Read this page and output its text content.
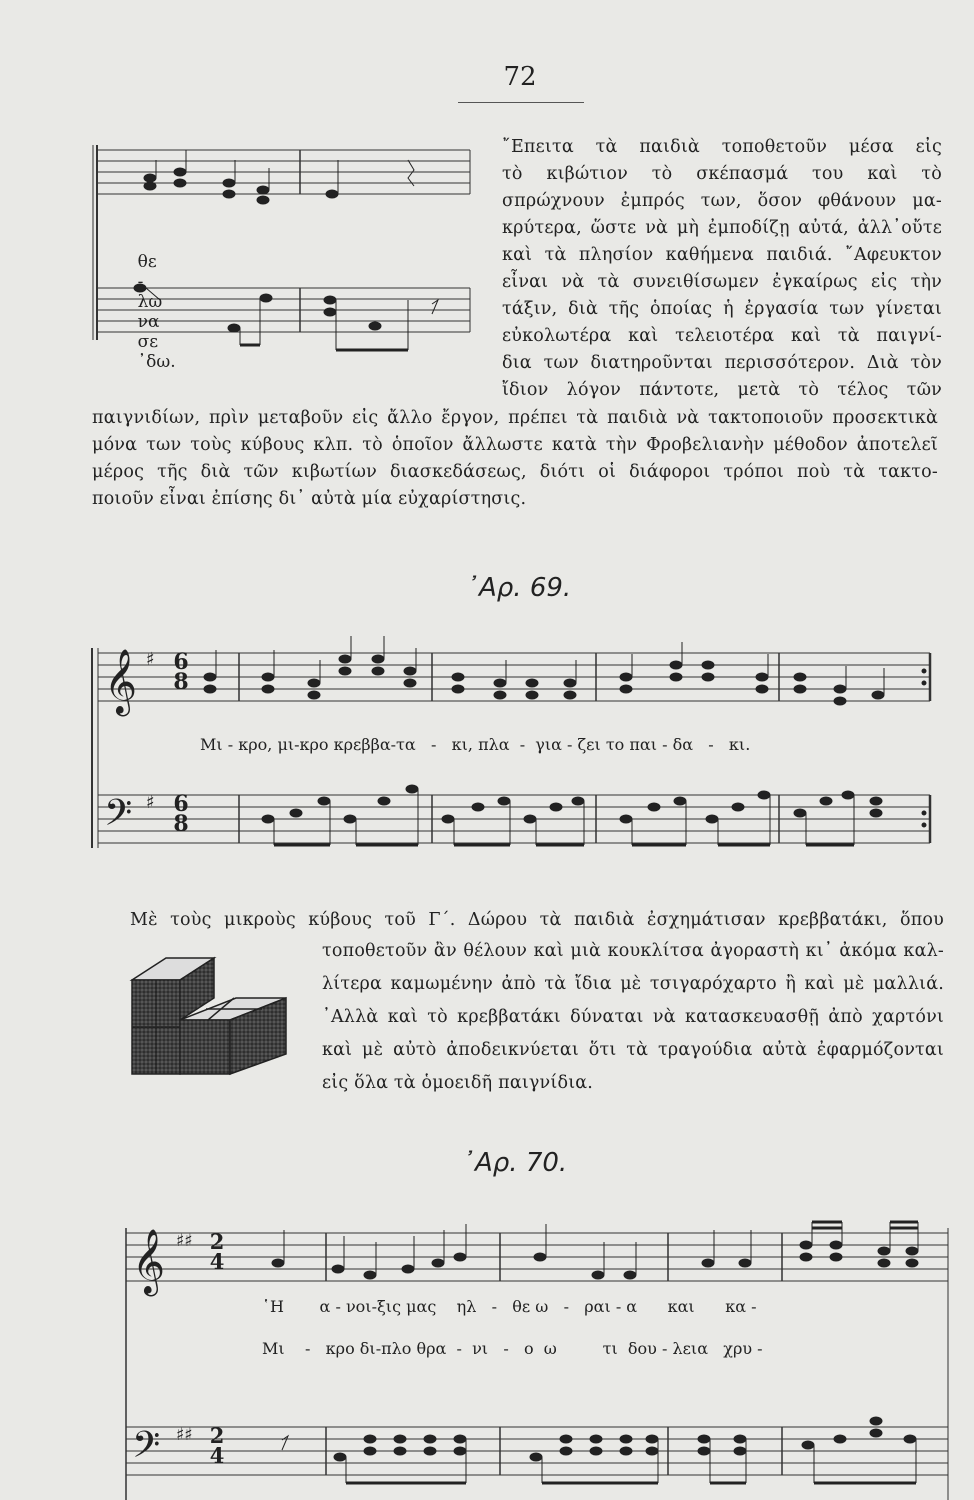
72
𝄞
𝄢
♯
♯
𝄞
𝄢
♯♯
♯♯

θε
-
λω
να
σε
᾽δω.

῎Επειτα τὰ παιδιὰ τοποθετοῦν μέσα εἰς
τὸ κιβώτιον τὸ σκέπασμά του καὶ τὸ
σπρώχνουν ἐμπρός των, ὅσον φθάνουν μα-
κρύτερα, ὥστε νὰ μὴ ἐμποδίζῃ αὐτά, ἀλλ᾽οὔτε
καὶ τὰ πλησίον καθήμενα παιδιά. ῎Αφευκτον
εἶναι νὰ τὰ συνειθίσωμεν ἐγκαίρως εἰς τὴν
τάξιν, διὰ τῆς ὁποίας ἡ ἐργασία των γίνεται
εὐκολωτέρα καὶ τελειοτέρα καὶ τὰ παιγνί-
δια των διατηροῦνται περισσότερον. Διὰ τὸν
ἴδιον λόγον πάντοτε, μετὰ τὸ τέλος τῶν
παιγνιδίων, πρὶν μεταβοῦν εἰς ἄλλο ἔργον, πρέπει τὰ παιδιὰ νὰ τακτοποιοῦν προσεκτικὰ
μόνα των τοὺς κύβους κλπ. τὸ ὁποῖον ἄλλωστε κατὰ τὴν Φροβελιανὴν μέθοδον ἀποτελεῖ
μέρος τῆς διὰ τῶν κιβωτίων διασκεδάσεως, διότι οἱ διάφοροι τρόποι ποὺ τὰ τακτο-
ποιοῦν εἶναι ἐπίσης δι᾽ αὐτὰ μία εὐχαρίστησις.
᾽Αρ. 69.
6
8
6
8
Μι - κρο, μι-κρο κρεββα-τα   -   κι, πλα  -  για - ζει το παι - δα   -   κι.
Μὲ τοὺς μικροὺς κύβους τοῦ Γ΄. Δώρου τὰ παιδιὰ ἐσχημάτισαν κρεββατάκι, ὅπου
τοποθετοῦν ἂν θέλουν καὶ μιὰ κουκλίτσα ἀγοραστὴ κι᾽ ἀκόμα καλ-
λίτερα καμωμένην ἀπὸ τὰ ἴδια μὲ τσιγαρόχαρτο ἢ καὶ μὲ μαλλιά.
᾽Αλλὰ καὶ τὸ κρεββατάκι δύναται νὰ κατασκευασθῇ ἀπὸ χαρτόνι
καὶ μὲ αὐτὸ ἀποδεικνύεται ὅτι τὰ τραγούδια αὐτὰ ἐφαρμόζονται
εἰς ὅλα τὰ ὁμοειδῆ παιγνίδια.
᾽Αρ. 70.
2
4
2
4
῾Η       α - νοι-ξις μας    ηλ   -   θε ω   -   ραι - α      και      κα -
Μι    -   κρο δι-πλο θρα  -  νι   -   ο  ω         τι  δου - λεια   χρυ -
